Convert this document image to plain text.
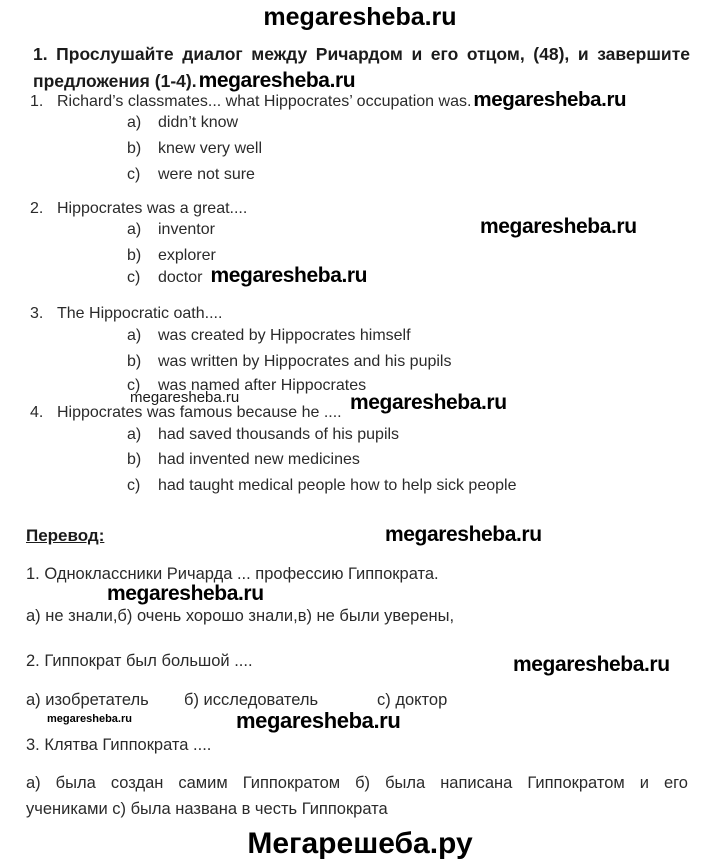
megaresheba.ru
1. Прослушайте диалог между Ричардом и его отцом, (48), и завершите
предложения (1-4).megaresheba.ru
1. Richard’s classmates... what Hippocrates’ occupation was.megaresheba.ru
a) didn’t know
b) knew very well
c) were not sure
2. Hippocrates was a great....
megaresheba.ru
a) inventor
b) explorer
c) doctor megaresheba.ru
3. The Hippocratic oath....
a) was created by Hippocrates himself
b) was written by Hippocrates and his pupils
c) was named after Hippocrates
megaresheba.ru	megaresheba.ru
4. Hippocrates was famous because he ....
a) had saved thousands of his pupils
b) had invented new medicines
c) had taught medical people how to help sick people
Перевод:	megaresheba.ru
1. Одноклассники Ричарда ... профессию Гиппократа.
megaresheba.ru
а) не знали,б) очень хорошо знали,в) не были уверены,
2. Гиппократ был большой ....	megaresheba.ru
а) изобретатель б) исследователь	с) доктор
megaresheba.ru	megaresheba.ru
3. Клятва Гиппократа ....
а) была создан самим Гиппократом б) была написана Гиппократом и его
учениками с) была названа в честь Гиппократа
Мегарешеба.ру
